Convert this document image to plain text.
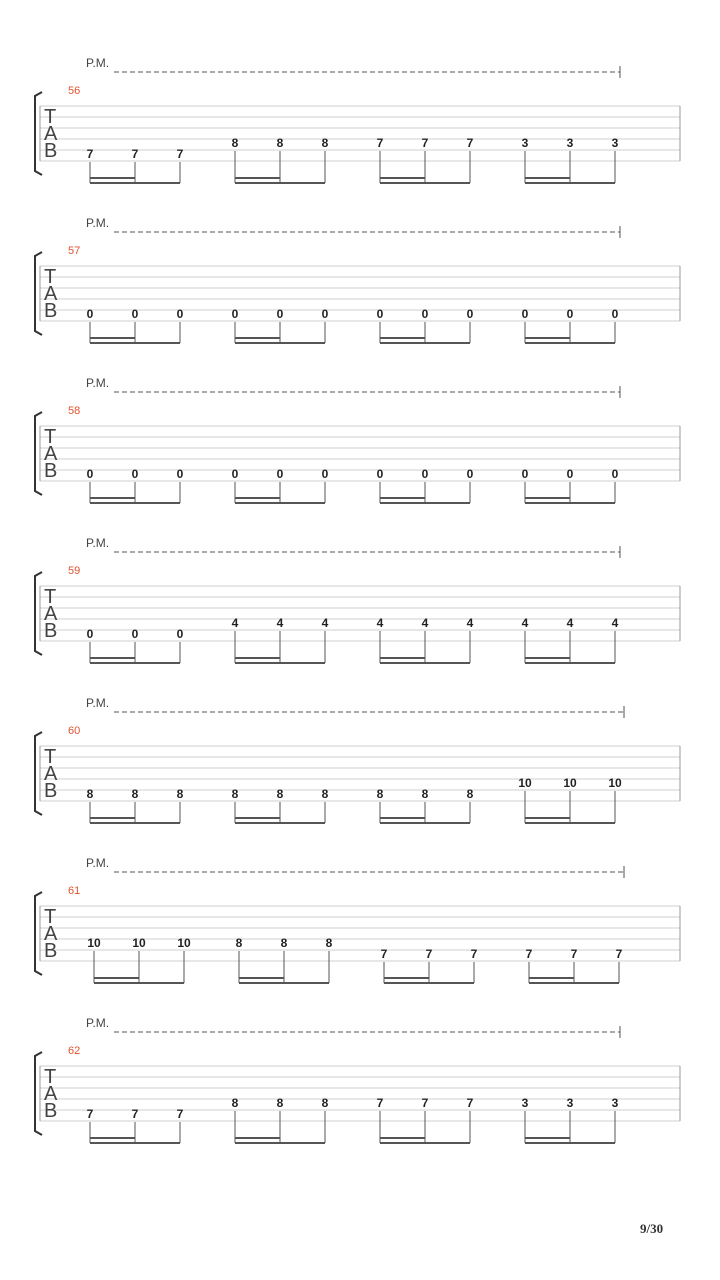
P.M.
56
T
A
B 7	7	7
8	8	8	7	7	7	3	3	3
P.M.
57
T
A
B 0	0	0	0	0	0	0	0	0	0	0	0
P.M.
58
T
A
B 0	0	0	0	0	0	0	0	0	0	0	0
P.M.
59
T
A
B 0	0	0
4	4	4	4	4	4	4	4	4
P.M.
60
T
A
B 8	8	8	8	8	8	8	8	8
10	10	10
P.M.
61
T
A
B 10	10	10	8	8	8
7	7	7	7	7	7
P.M.
62
T
A
B 7	7	7
8	8	8	7	7	7	3	3	3
9/30
